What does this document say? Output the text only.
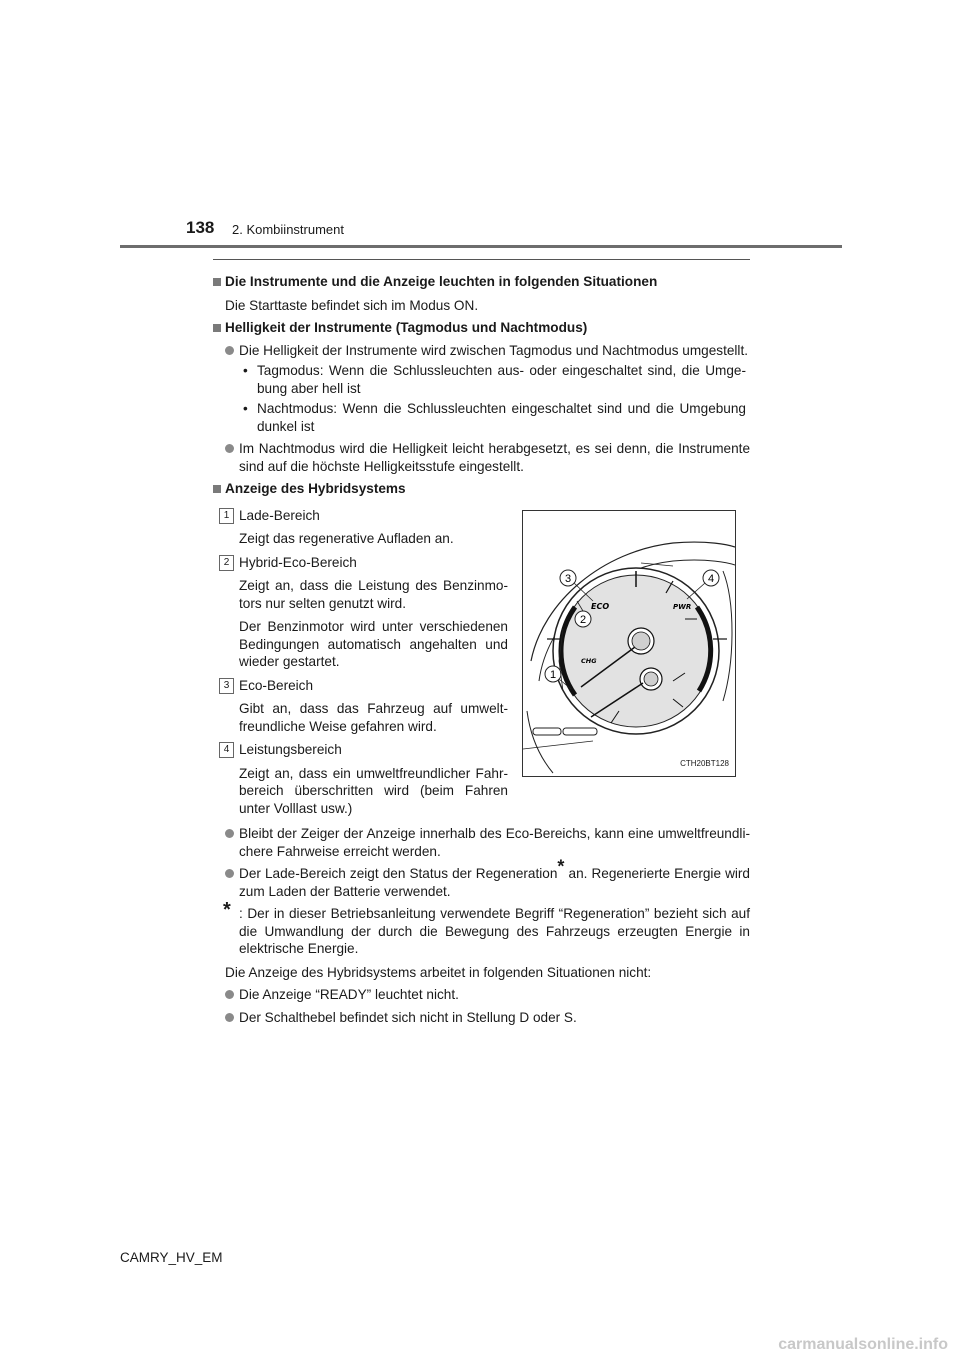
138 2. Kombiinstrument
Die Instrumente und die Anzeige leuchten in folgenden Situationen
Die Starttaste befindet sich im Modus ON.
Helligkeit der Instrumente (Tagmodus und Nachtmodus)
Die Helligkeit der Instrumente wird zwischen Tagmodus und Nachtmodus umgestellt.
• Tagmodus: Wenn die Schlussleuchten aus- oder eingeschaltet sind, die Umge-bung aber hell ist
• Nachtmodus: Wenn die Schlussleuchten eingeschaltet sind und die Umgebung dunkel ist
Im Nachtmodus wird die Helligkeit leicht herabgesetzt, es sei denn, die Instrumente sind auf die höchste Helligkeitsstufe eingestellt.
Anzeige des Hybridsystems
1 Lade-Bereich
Zeigt das regenerative Aufladen an.
2 Hybrid-Eco-Bereich
Zeigt an, dass die Leistung des Benzinmo-tors nur selten genutzt wird.
Der Benzinmotor wird unter verschiedenen Bedingungen automatisch angehalten und wieder gestartet.
3 Eco-Bereich
Gibt an, dass das Fahrzeug auf umwelt-freundliche Weise gefahren wird.
4 Leistungsbereich
Zeigt an, dass ein umweltfreundlicher Fahr-bereich überschritten wird (beim Fahren unter Volllast usw.)
ECO	PWR
CHG
3	4
2
1
CTH20BT128
Bleibt der Zeiger der Anzeige innerhalb des Eco-Bereichs, kann eine umweltfreundli-chere Fahrweise erreicht werden.
Der Lade-Bereich zeigt den Status der Regeneration* an. Regenerierte Energie wird zum Laden der Batterie verwendet.
* : Der in dieser Betriebsanleitung verwendete Begriff “Regeneration” bezieht sich auf die Umwandlung der durch die Bewegung des Fahrzeugs erzeugten Energie in elektrische Energie.
Die Anzeige des Hybridsystems arbeitet in folgenden Situationen nicht:
Die Anzeige “READY” leuchtet nicht.
Der Schalthebel befindet sich nicht in Stellung D oder S.
CAMRY_HV_EM
carmanualsonline.info
